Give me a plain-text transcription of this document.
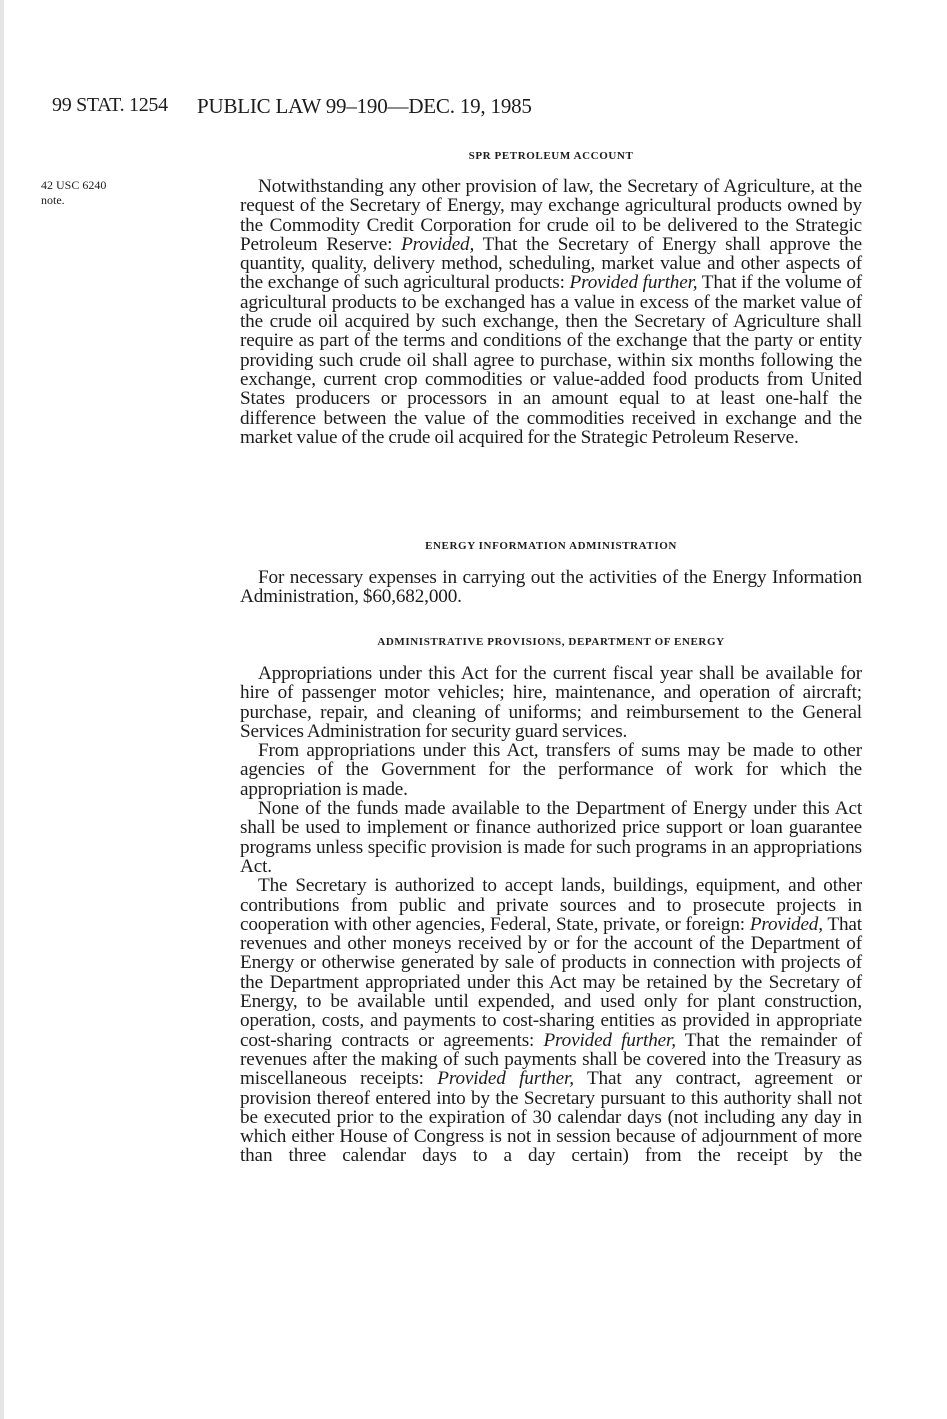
99 STAT. 1254 PUBLIC LAW 99–190—DEC. 19, 1985
42 USC 6240
note.
SPR PETROLEUM ACCOUNT

Notwithstanding any other provision of law, the Secretary of Agriculture, at the request of the Secretary of Energy, may exchange agricultural products owned by the Commodity Credit Corporation for crude oil to be delivered to the Strategic Petroleum Reserve: Provided, That the Secretary of Energy shall approve the quantity, quality, delivery method, scheduling, market value and other aspects of the exchange of such agricultural products: Provided further, That if the volume of agricultural products to be exchanged has a value in excess of the market value of the crude oil acquired by such exchange, then the Secretary of Agriculture shall require as part of the terms and conditions of the exchange that the party or entity providing such crude oil shall agree to purchase, within six months following the exchange, current crop commodities or value-added food products from United States producers or processors in an amount equal to at least one-half the difference between the value of the commodities received in exchange and the market value of the crude oil acquired for the Strategic Petroleum Reserve.

ENERGY INFORMATION ADMINISTRATION

For necessary expenses in carrying out the activities of the Energy Information Administration, $60,682,000.

ADMINISTRATIVE PROVISIONS, DEPARTMENT OF ENERGY

Appropriations under this Act for the current fiscal year shall be available for hire of passenger motor vehicles; hire, maintenance, and operation of aircraft; purchase, repair, and cleaning of uniforms; and reimbursement to the General Services Administration for security guard services.

From appropriations under this Act, transfers of sums may be made to other agencies of the Government for the performance of work for which the appropriation is made.

None of the funds made available to the Department of Energy under this Act shall be used to implement or finance authorized price support or loan guarantee programs unless specific provision is made for such programs in an appropriations Act.

The Secretary is authorized to accept lands, buildings, equipment, and other contributions from public and private sources and to prosecute projects in cooperation with other agencies, Federal, State, private, or foreign: Provided, That revenues and other moneys received by or for the account of the Department of Energy or otherwise generated by sale of products in connection with projects of the Department appropriated under this Act may be retained by the Secretary of Energy, to be available until expended, and used only for plant construction, operation, costs, and payments to cost-sharing entities as provided in appropriate cost-sharing contracts or agreements: Provided further, That the remainder of revenues after the making of such payments shall be covered into the Treasury as miscellaneous receipts: Provided further, That any contract, agreement or provision thereof entered into by the Secretary pursuant to this authority shall not be executed prior to the expiration of 30 calendar days (not including any day in which either House of Congress is not in session because of adjournment of more than three calendar days to a day certain) from the receipt by the
